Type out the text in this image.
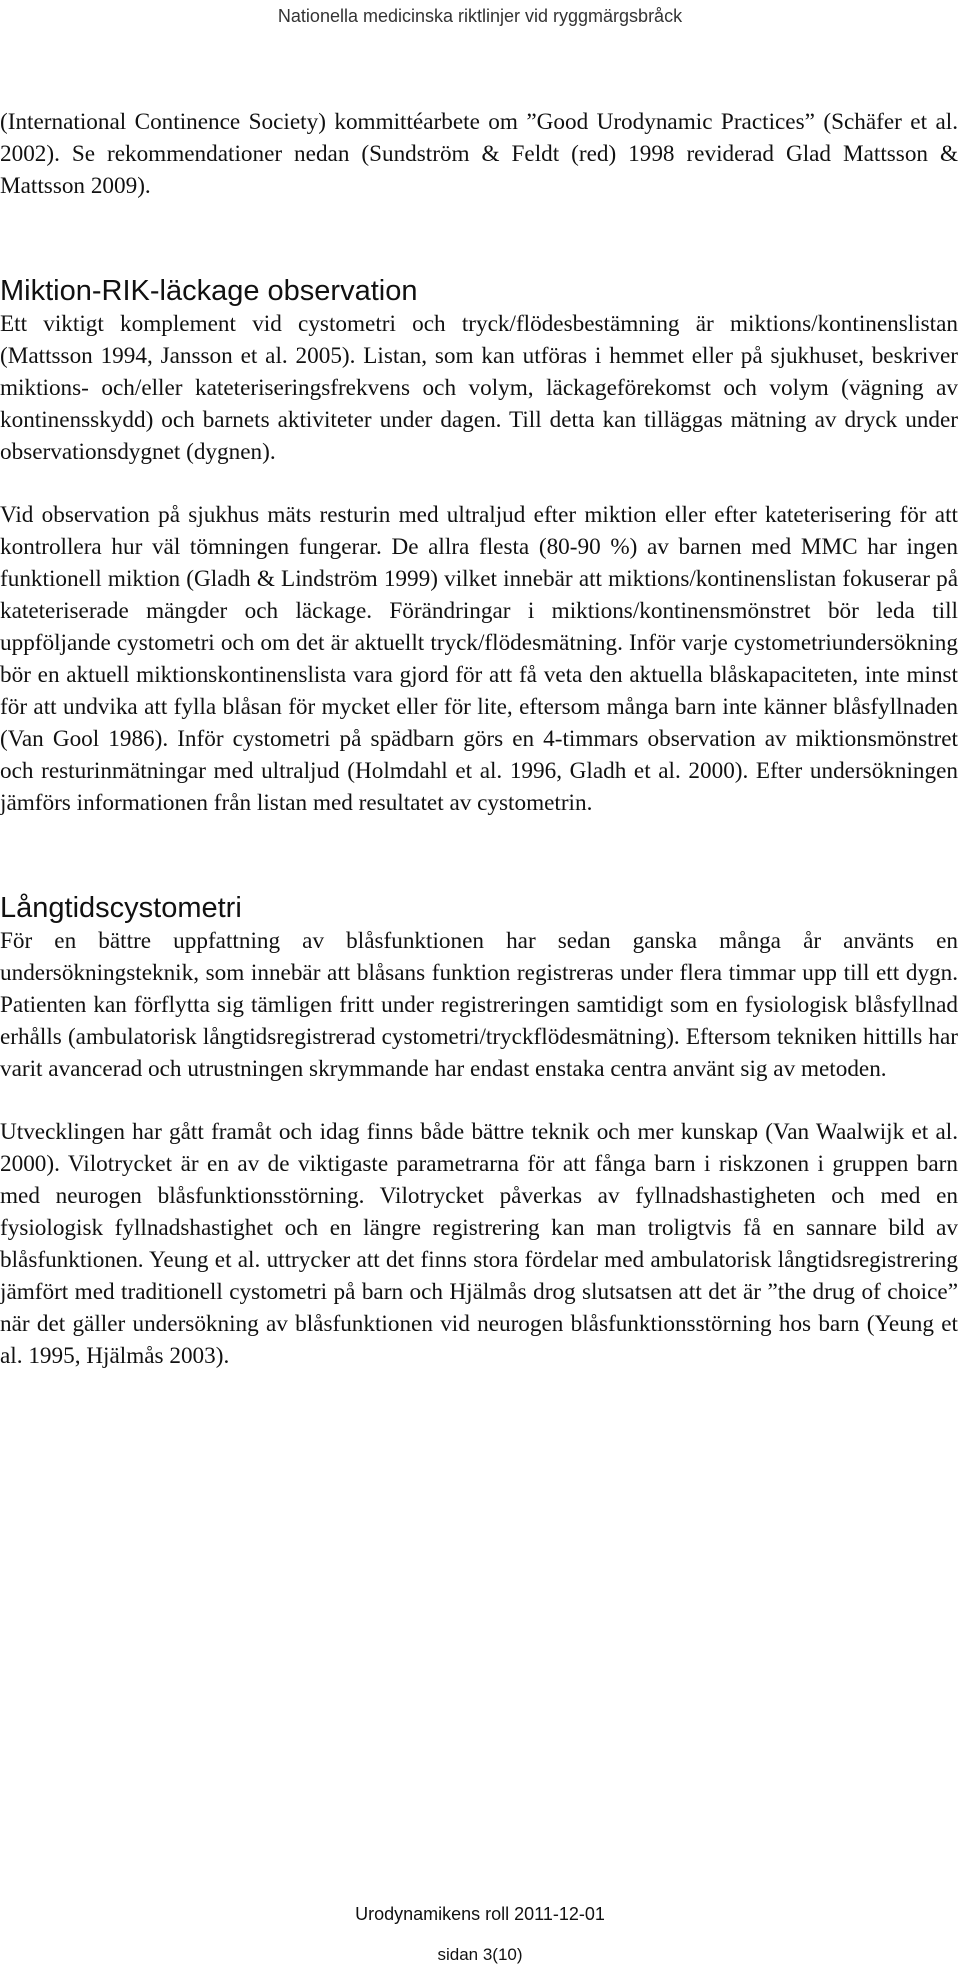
Nationella medicinska riktlinjer vid ryggmärgsbråck

(International Continence Society) kommittéarbete om ”Good Urodynamic Practices” (Schäfer et al. 2002). Se rekommendationer nedan (Sundström & Feldt (red) 1998 reviderad Glad Mattsson & Mattsson 2009).

Miktion-RIK-läckage observation

Ett viktigt komplement vid cystometri och tryck/flödesbestämning är miktions/kontinenslistan (Mattsson 1994, Jansson et al. 2005). Listan, som kan utföras i hemmet eller på sjukhuset, beskriver miktions- och/eller kateteriseringsfrekvens och volym, läckageförekomst och volym (vägning av kontinensskydd) och barnets aktiviteter under dagen. Till detta kan tilläggas mätning av dryck under observationsdygnet (dygnen).

Vid observation på sjukhus mäts resturin med ultraljud efter miktion eller efter kateterisering för att kontrollera hur väl tömningen fungerar. De allra flesta (80-90 %) av barnen med MMC har ingen funktionell miktion (Gladh & Lindström 1999) vilket innebär att miktions/kontinenslistan fokuserar på kateteriserade mängder och läckage. Förändringar i miktions/kontinensmönstret bör leda till uppföljande cystometri och om det är aktuellt tryck/flödesmätning. Inför varje cystometriundersökning bör en aktuell miktionskontinenslista vara gjord för att få veta den aktuella blåskapaciteten, inte minst för att undvika att fylla blåsan för mycket eller för lite, eftersom många barn inte känner blåsfyllnaden (Van Gool 1986). Inför cystometri på spädbarn görs en 4-timmars observation av miktionsmönstret och resturinmätningar med ultraljud (Holmdahl et al. 1996, Gladh et al. 2000). Efter undersökningen jämförs informationen från listan med resultatet av cystometrin.

Långtidscystometri

För en bättre uppfattning av blåsfunktionen har sedan ganska många år använts en undersökningsteknik, som innebär att blåsans funktion registreras under flera timmar upp till ett dygn. Patienten kan förflytta sig tämligen fritt under registreringen samtidigt som en fysiologisk blåsfyllnad erhålls (ambulatorisk långtidsregistrerad cystometri/tryckflödesmätning). Eftersom tekniken hittills har varit avancerad och utrustningen skrymmande har endast enstaka centra använt sig av metoden.

Utvecklingen har gått framåt och idag finns både bättre teknik och mer kunskap (Van Waalwijk et al. 2000). Vilotrycket är en av de viktigaste parametrarna för att fånga barn i riskzonen i gruppen barn med neurogen blåsfunktionsstörning. Vilotrycket påverkas av fyllnadshastigheten och med en fysiologisk fyllnadshastighet och en längre registrering kan man troligtvis få en sannare bild av blåsfunktionen. Yeung et al. uttrycker att det finns stora fördelar med ambulatorisk långtidsregistrering jämfört med traditionell cystometri på barn och Hjälmås drog slutsatsen att det är ”the drug of choice” när det gäller undersökning av blåsfunktionen vid neurogen blåsfunktionsstörning hos barn (Yeung et al. 1995, Hjälmås 2003).

Urodynamikens roll 2011-12-01
sidan 3(10)
